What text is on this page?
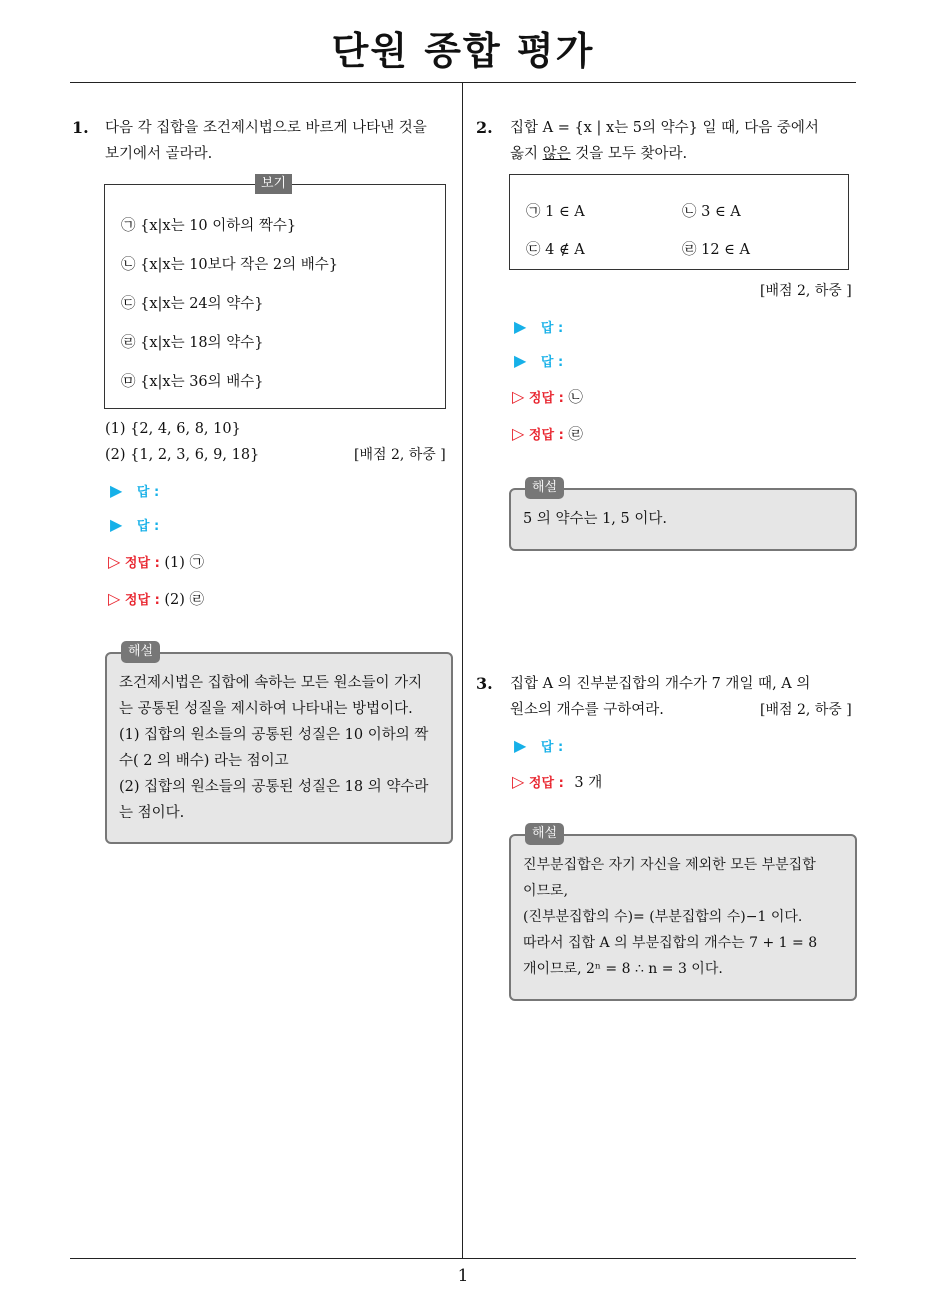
단원 종합 평가
1
1. 다음 각 집합을 조건제시법으로 바르게 나타낸 것을
보기에서 골라라.
보기
㉠ {x|x는 10 이하의 짝수}
㉡ {x|x는 10보다 작은 2의 배수}
㉢ {x|x는 24의 약수}
㉣ {x|x는 18의 약수}
㉤ {x|x는 36의 배수}
(1) {2, 4, 6, 8, 10}
(2) {1, 2, 3, 6, 9, 18}	[배점 2, 하중 ]
▶ 답 :
▶ 답 :
▷ 정답 : (1) ㉠
▷ 정답 : (2) ㉣
해설
조건제시법은 집합에 속하는 모든 원소들이 가지
는 공통된 성질을 제시하여 나타내는 방법이다.
(1) 집합의 원소들의 공통된 성질은 10 이하의 짝
수( 2 의 배수) 라는 점이고
(2) 집합의 원소들의 공통된 성질은 18 의 약수라
는 점이다.
2. 집합 A = {x | x는 5의 약수} 일 때, 다음 중에서
옳지 않은 것을 모두 찾아라.
㉠ 1 ∈ A	㉡ 3 ∈ A
㉢ 4 ∉ A	㉣ 12 ∈ A
[배점 2, 하중 ]
▶ 답 :
▶ 답 :
▷ 정답 : ㉡
▷ 정답 : ㉣
해설
5 의 약수는 1, 5 이다.
3. 집합 A 의 진부분집합의 개수가 7 개일 때, A 의
원소의 개수를 구하여라.	[배점 2, 하중 ]
▶ 답 :
▷ 정답 : 3 개
해설
진부분집합은 자기 자신을 제외한 모든 부분집합
이므로,
(진부분집합의 수)= (부분집합의 수)−1 이다.
따라서 집합 A 의 부분집합의 개수는 7 + 1 = 8
개이므로, 2ⁿ = 8 ∴ n = 3 이다.
